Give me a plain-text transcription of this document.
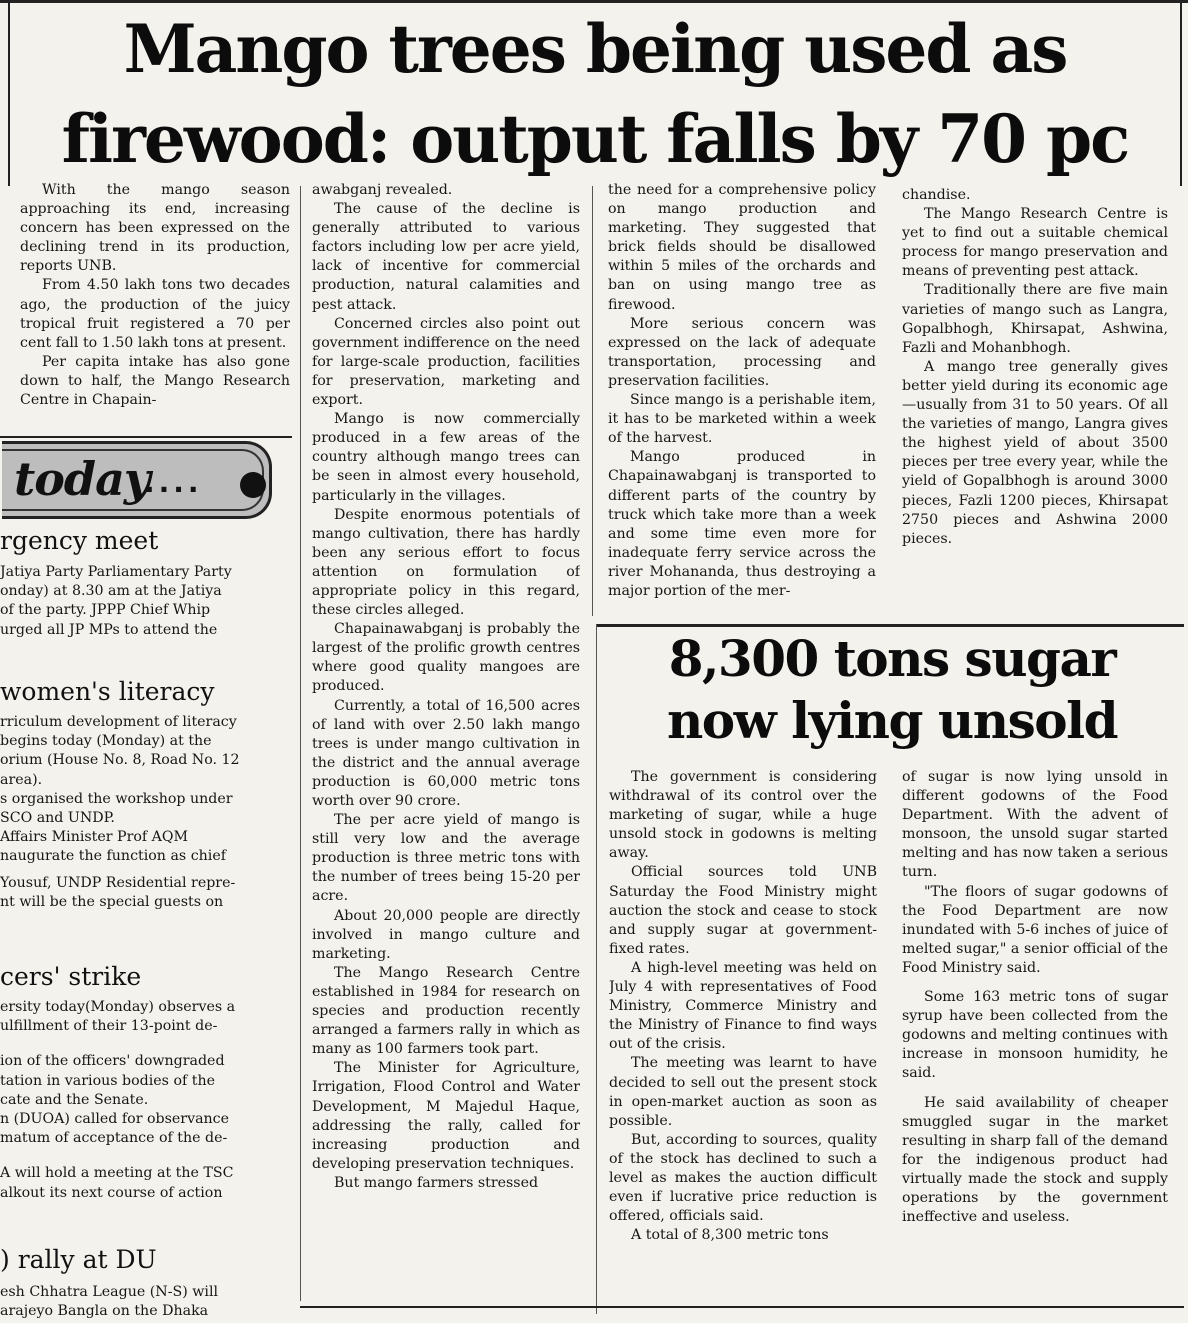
Mango trees being used as
firewood: output falls by 70 pc

With the mango season approaching its end, increasing concern has been expressed on the declining trend in its production, reports UNB.

From 4.50 lakh tons two decades ago, the production of the juicy tropical fruit registered a 70 per cent fall to 1.50 lakh tons at present.

Per capita intake has also gone down to half, the Mango Research Centre in Chapain-

awabganj revealed.

The cause of the decline is generally attributed to various factors including low per acre yield, lack of incentive for commercial production, natural calamities and pest attack.

Concerned circles also point out government indifference on the need for large-scale production, facilities for preservation, marketing and export.

Mango is now commercially produced in a few areas of the country although mango trees can be seen in almost every household, particularly in the villages.

Despite enormous potentials of mango cultivation, there has hardly been any serious effort to focus attention on formulation of appropriate policy in this regard, these circles alleged.

Chapainawabganj is probably the largest of the prolific growth centres where good quality mangoes are produced.

Currently, a total of 16,500 acres of land with over 2.50 lakh mango trees is under mango cultivation in the district and the annual average production is 60,000 metric tons worth over 90 crore.

The per acre yield of mango is still very low and the average production is three metric tons with the number of trees being 15-20 per acre.

About 20,000 people are directly involved in mango culture and marketing.

The Mango Research Centre established in 1984 for research on species and production recently arranged a farmers rally in which as many as 100 farmers took part.

The Minister for Agriculture, Irrigation, Flood Control and Water Development, M Majedul Haque, addressing the rally, called for increasing production and developing preservation techniques.

But mango farmers stressed

the need for a comprehensive policy on mango production and marketing. They suggested that brick fields should be disallowed within 5 miles of the orchards and ban on using mango tree as firewood.

More serious concern was expressed on the lack of adequate transportation, processing and preservation facilities.

Since mango is a perishable item, it has to be marketed within a week of the harvest.

Mango produced in Chapainawabganj is transported to different parts of the country by truck which take more than a week and some time even more for inadequate ferry service across the river Mohananda, thus destroying a major portion of the mer-

chandise.

The Mango Research Centre is yet to find out a suitable chemical process for mango preservation and means of preventing pest attack.

Traditionally there are five main varieties of mango such as Langra, Gopalbhogh, Khirsapat, Ashwina, Fazli and Mohanbhogh.

A mango tree generally gives better yield during its economic age —usually from 31 to 50 years. Of all the varieties of mango, Langra gives the highest yield of about 3500 pieces per tree every year, while the yield of Gopalbhogh is around 3000 pieces, Fazli 1200 pieces, Khirsapat 2750 pieces and Ashwina 2000 pieces.

today
....
rgency meet
Jatiya Party Parliamentary Party
onday) at 8.30 am at the Jatiya
of the party. JPPP Chief Whip
urged all JP MPs to attend the
women's literacy
rriculum development of literacy
begins today (Monday) at the
orium (House No. 8, Road No. 12
area).
s organised the workshop under
SCO and UNDP.
Affairs Minister Prof AQM
naugurate the function as chief
Yousuf, UNDP Residential repre-
nt will be the special guests on
cers' strike
ersity today(Monday) observes a
ulfillment of their 13-point de-
ion of the officers' downgraded
tation in various bodies of the
cate and the Senate.
n (DUOA) called for observance
matum of acceptance of the de-
A will hold a meeting at the TSC
alkout its next course of action
) rally at DU
esh Chhatra League (N-S) will
arajeyo Bangla on the Dhaka
8,300 tons sugar
now lying unsold

The government is considering withdrawal of its control over the marketing of sugar, while a huge unsold stock in godowns is melting away.

Official sources told UNB Saturday the Food Ministry might auction the stock and cease to stock and supply sugar at government-fixed rates.

A high-level meeting was held on July 4 with representatives of Food Ministry, Commerce Ministry and the Ministry of Finance to find ways out of the crisis.

The meeting was learnt to have decided to sell out the present stock in open-market auction as soon as possible.

But, according to sources, quality of the stock has declined to such a level as makes the auction difficult even if lucrative price reduction is offered, officials said.

A total of 8,300 metric tons

of sugar is now lying unsold in different godowns of the Food Department. With the advent of monsoon, the unsold sugar started melting and has now taken a serious turn.

"The floors of sugar godowns of the Food Department are now inundated with 5-6 inches of juice of melted sugar," a senior official of the Food Ministry said.

Some 163 metric tons of sugar syrup have been collected from the godowns and melting continues with increase in monsoon humidity, he said.

He said availability of cheaper smuggled sugar in the market resulting in sharp fall of the demand for the indigenous product had virtually made the stock and supply operations by the government ineffective and useless.
